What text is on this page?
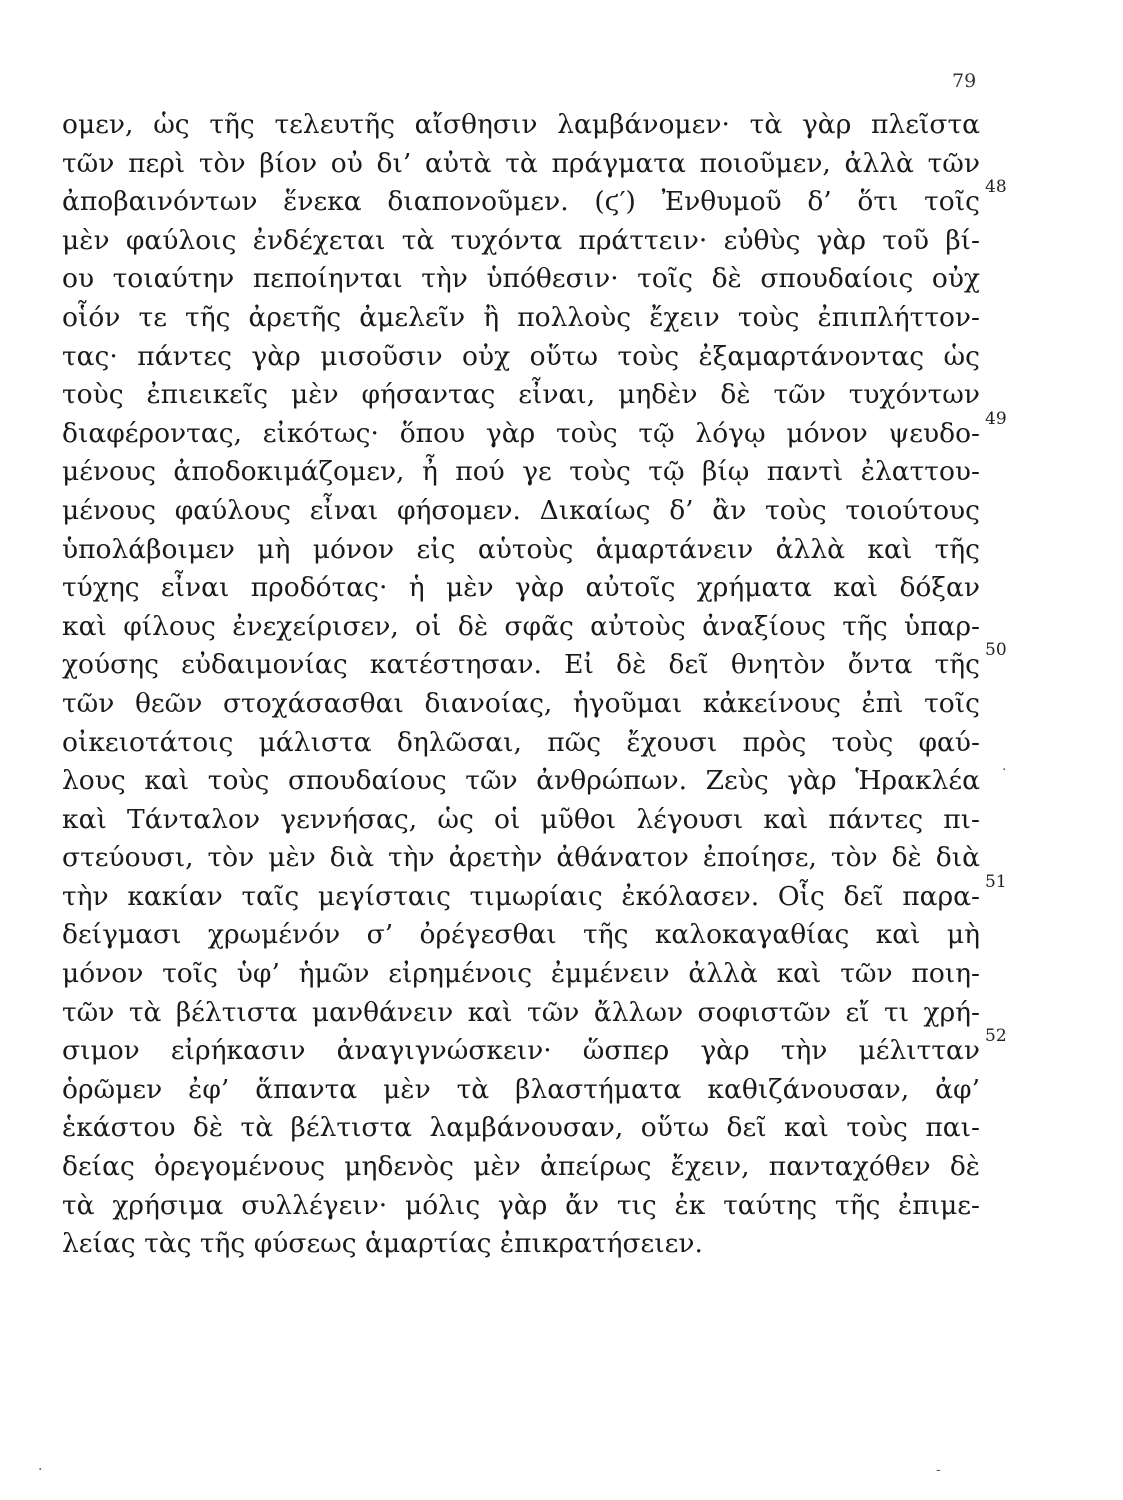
79
ομεν, ὡς τῆς τελευτῆς αἴσθησιν λαμβάνομεν· τὰ γὰρ πλεῖστα
τῶν περὶ τὸν βίον οὐ δι’ αὐτὰ τὰ πράγματα ποιοῦμεν, ἀλλὰ τῶν
ἀποβαινόντων ἕνεκα διαπονοῦμεν. (ϛ′) Ἐνθυμοῦ δ’ ὅτι τοῖς 48
μὲν φαύλοις ἐνδέχεται τὰ τυχόντα πράττειν· εὐθὺς γὰρ τοῦ βί-
ου τοιαύτην πεποίηνται τὴν ὑπόθεσιν· τοῖς δὲ σπουδαίοις οὐχ
οἷόν τε τῆς ἀρετῆς ἀμελεῖν ἢ πολλοὺς ἔχειν τοὺς ἐπιπλήττον-
τας· πάντες γὰρ μισοῦσιν οὐχ οὕτω τοὺς ἐξαμαρτάνοντας ὡς
τοὺς ἐπιεικεῖς μὲν φήσαντας εἶναι, μηδὲν δὲ τῶν τυχόντων
διαφέροντας, εἰκότως· ὅπου γὰρ τοὺς τῷ λόγῳ μόνον ψευδο- 49
μένους ἀποδοκιμάζομεν, ἦ πού γε τοὺς τῷ βίῳ παντὶ ἐλαττου-
μένους φαύλους εἶναι φήσομεν. Δικαίως δ’ ἂν τοὺς τοιούτους
ὑπολάβοιμεν μὴ μόνον εἰς αὑτοὺς ἁμαρτάνειν ἀλλὰ καὶ τῆς
τύχης εἶναι προδότας· ἡ μὲν γὰρ αὐτοῖς χρήματα καὶ δόξαν
καὶ φίλους ἐνεχείρισεν, οἱ δὲ σφᾶς αὐτοὺς ἀναξίους τῆς ὑπαρ-
χούσης εὐδαιμονίας κατέστησαν. Εἰ δὲ δεῖ θνητὸν ὄντα τῆς 50
τῶν θεῶν στοχάσασθαι διανοίας, ἡγοῦμαι κἀκείνους ἐπὶ τοῖς
οἰκειοτάτοις μάλιστα δηλῶσαι, πῶς ἔχουσι πρὸς τοὺς φαύ-
λους καὶ τοὺς σπουδαίους τῶν ἀνθρώπων. Ζεὺς γὰρ Ἡρακλέα
καὶ Τάνταλον γεννήσας, ὡς οἱ μῦθοι λέγουσι καὶ πάντες πι-
στεύουσι, τὸν μὲν διὰ τὴν ἀρετὴν ἀθάνατον ἐποίησε, τὸν δὲ διὰ
τὴν κακίαν ταῖς μεγίσταις τιμωρίαις ἐκόλασεν. Οἷς δεῖ παρα- 51
δείγμασι χρωμένόν σ’ ὀρέγεσθαι τῆς καλοκαγαθίας καὶ μὴ
μόνον τοῖς ὑφ’ ἡμῶν εἰρημένοις ἐμμένειν ἀλλὰ καὶ τῶν ποιη-
τῶν τὰ βέλτιστα μανθάνειν καὶ τῶν ἄλλων σοφιστῶν εἴ τι χρή-
σιμον εἰρήκασιν ἀναγιγνώσκειν· ὥσπερ γὰρ τὴν μέλιτταν 52
ὁρῶμεν ἐφ’ ἅπαντα μὲν τὰ βλαστήματα καθιζάνουσαν, ἀφ’
ἑκάστου δὲ τὰ βέλτιστα λαμβάνουσαν, οὕτω δεῖ καὶ τοὺς παι-
δείας ὀρεγομένους μηδενὸς μὲν ἀπείρως ἔχειν, πανταχόθεν δὲ
τὰ χρήσιμα συλλέγειν· μόλις γὰρ ἄν τις ἐκ ταύτης τῆς ἐπιμε-
λείας τὰς τῆς φύσεως ἁμαρτίας ἐπικρατήσειεν.
·
·	-
